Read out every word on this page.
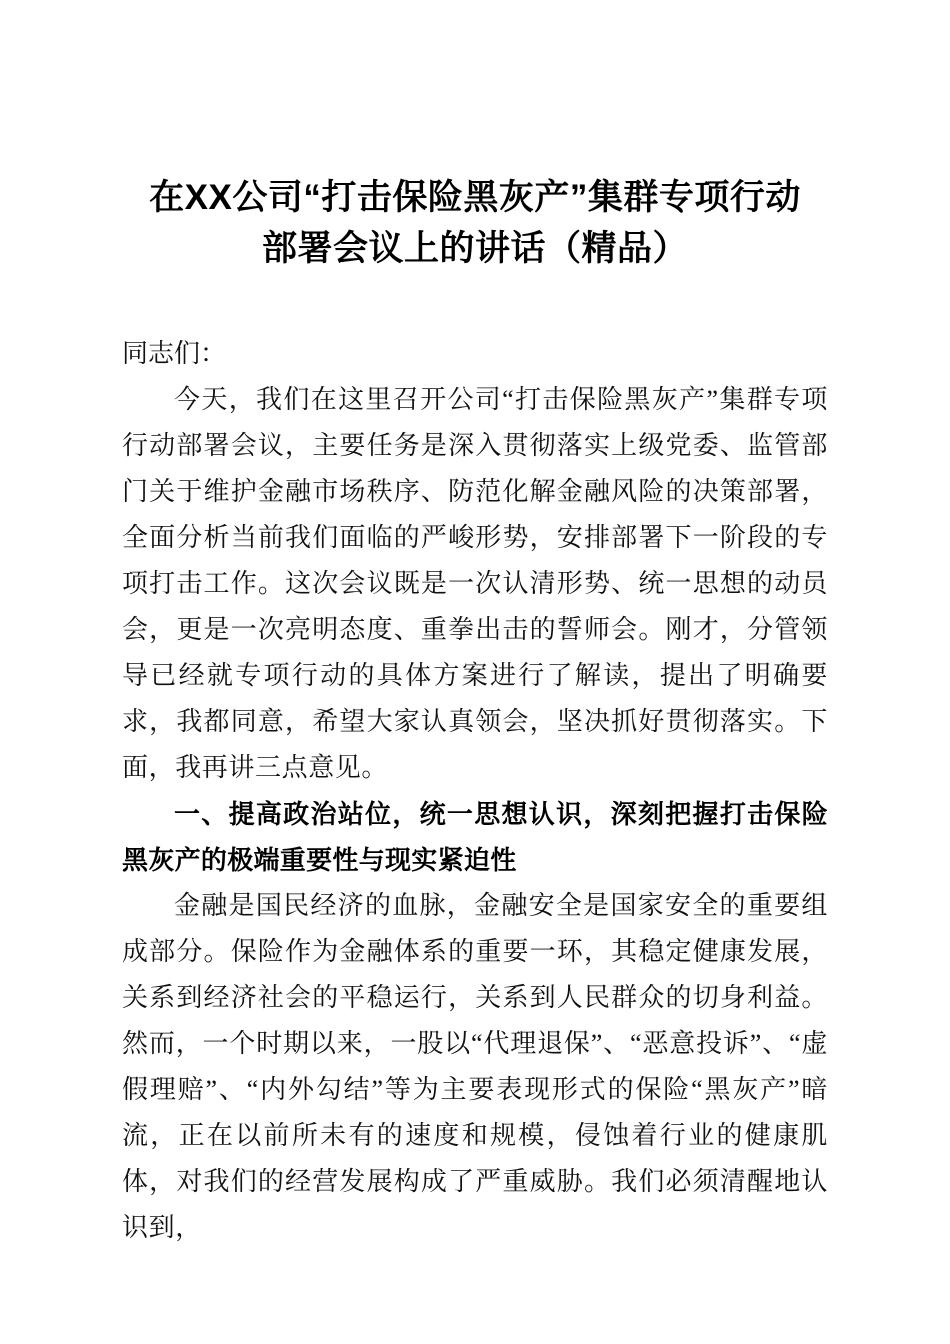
在XX公司“打击保险黑灰产”集群专项行动
部署会议上的讲话（精品）

同志们：

今天，我们在这里召开公司“打击保险黑灰产”集群专项行动部署会议，主要任务是深入贯彻落实上级党委、监管部门关于维护金融市场秩序、防范化解金融风险的决策部署，全面分析当前我们面临的严峻形势，安排部署下一阶段的专项打击工作。这次会议既是一次认清形势、统一思想的动员会，更是一次亮明态度、重拳出击的誓师会。刚才，分管领导已经就专项行动的具体方案进行了解读，提出了明确要求，我都同意，希望大家认真领会，坚决抓好贯彻落实。下面，我再讲三点意见。

一、提高政治站位，统一思想认识，深刻把握打击保险黑灰产的极端重要性与现实紧迫性

金融是国民经济的血脉，金融安全是国家安全的重要组成部分。保险作为金融体系的重要一环，其稳定健康发展，关系到经济社会的平稳运行，关系到人民群众的切身利益。然而，一个时期以来，一股以“代理退保”、“恶意投诉”、“虚假理赔”、“内外勾结”等为主要表现形式的保险“黑灰产”暗流，正在以前所未有的速度和规模，侵蚀着行业的健康肌体，对我们的经营发展构成了严重威胁。我们必须清醒地认识到，
